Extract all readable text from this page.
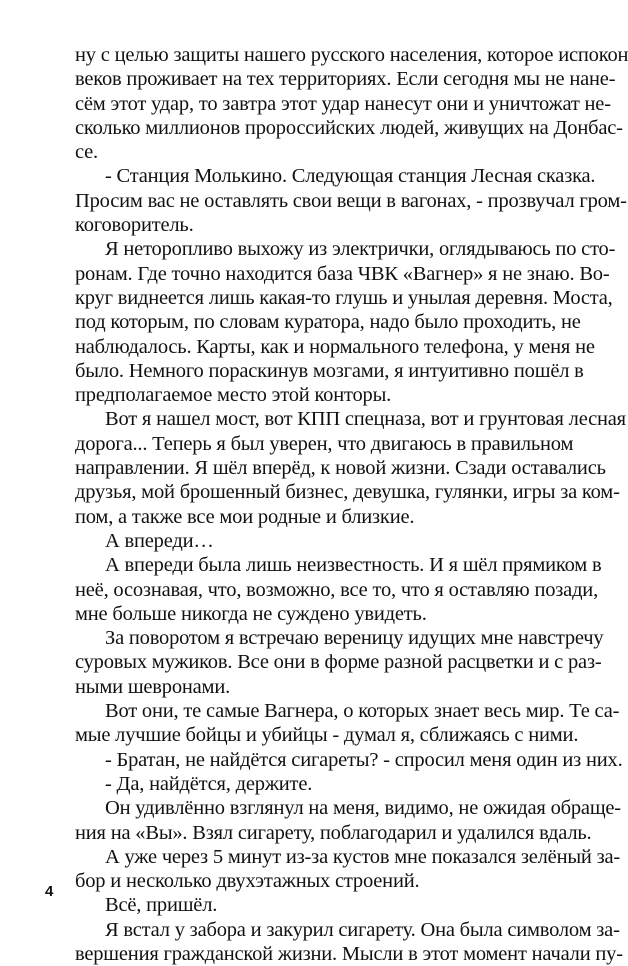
ну с целью защиты нашего русского населения, которое испокон
веков проживает на тех территориях. Если сегодня мы не нане-
сём этот удар, то завтра этот удар нанесут они и уничтожат не-
сколько миллионов пророссийских людей, живущих на Донбас-
се.
- Станция Молькино. Следующая станция Лесная сказка.
Просим вас не оставлять свои вещи в вагонах, - прозвучал гром-
коговоритель.
Я неторопливо выхожу из электрички, оглядываюсь по сто-
ронам. Где точно находится база ЧВК «Вагнер» я не знаю. Во-
круг виднеется лишь какая-то глушь и унылая деревня. Моста,
под которым, по словам куратора, надо было проходить, не
наблюдалось. Карты, как и нормального телефона, у меня не
было. Немного пораскинув мозгами, я интуитивно пошёл в
предполагаемое место этой конторы.
Вот я нашел мост, вот КПП спецназа, вот и грунтовая лесная
дорога... Теперь я был уверен, что двигаюсь в правильном
направлении. Я шёл вперёд, к новой жизни. Сзади оставались
друзья, мой брошенный бизнес, девушка, гулянки, игры за ком-
пом, а также все мои родные и близкие.
А впереди…
А впереди была лишь неизвестность. И я шёл прямиком в
неё, осознавая, что, возможно, все то, что я оставляю позади,
мне больше никогда не суждено увидеть.
За поворотом я встречаю вереницу идущих мне навстречу
суровых мужиков. Все они в форме разной расцветки и с раз-
ными шевронами.
Вот они, те самые Вагнера, о которых знает весь мир. Те са-
мые лучшие бойцы и убийцы - думал я, сближаясь с ними.
- Братан, не найдётся сигареты? - спросил меня один из них.
- Да, найдётся, держите.
Он удивлённо взглянул на меня, видимо, не ожидая обраще-
ния на «Вы». Взял сигарету, поблагодарил и удалился вдаль.
А уже через 5 минут из-за кустов мне показался зелёный за-
бор и несколько двухэтажных строений.
Всё, пришёл.
Я встал у забора и закурил сигарету. Она была символом за-
вершения гражданской жизни. Мысли в этот момент начали пу-
4
